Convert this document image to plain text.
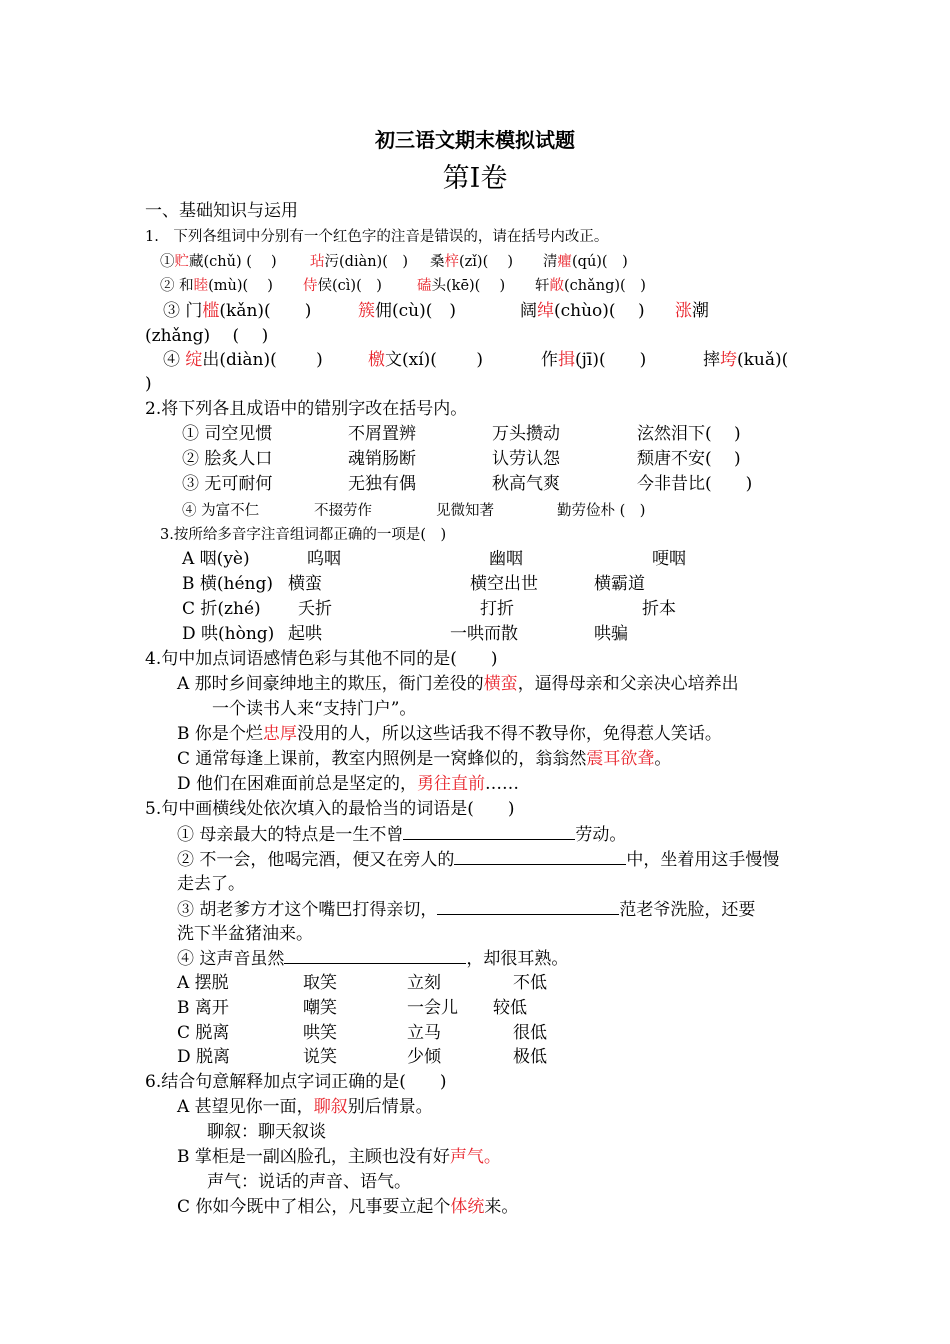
初三语文期末模拟试题
第Ⅰ卷
一、基础知识与运用
1.　下列各组词中分别有一个红色字的注音是错误的，请在括号内改正。
①贮藏(chǔ) (　 ) 玷污(diàn)(　) 桑梓(zǐ)(　 ) 清癯(qú)(　)
② 和睦(mù)(　 ) 侍侯(cì)(　) 磕头(kē)(　 ) 轩敞(chǎng)(　)
③ 门槛(kǎn)(　　)	簇佣(cù)(　)	阔绰(chùo)(　 ) 涨潮
(zhǎng)　 (　 )
④ 绽出(diàn)(　　 )	檄文(xí)(　　 )	作揖(jī)(　　)	摔垮(kuǎ)(
)
2.将下列各且成语中的错别字改在括号内。
① 司空见惯	不屑置辨	万头攒动	泫然泪下(　 )
② 脍炙人口	魂销肠断	认劳认怨	颓唐不安(　 )
③ 无可耐何	无独有偶	秋高气爽	今非昔比(　　)
④ 为富不仁	不掇劳作	见微知著	勤劳俭朴 (　)
3.按所给多音字注音组词都正确的一项是(　)
A 咽(yè)	呜咽	幽咽	哽咽
B 横(héng) 横蛮	横空出世	横霸道
C 折(zhé) 夭折	打折	折本
D 哄(hòng) 起哄	一哄而散	哄骗
4.句中加点词语感情色彩与其他不同的是(　　)
A 那时乡间豪绅地主的欺压，衙门差役的横蛮，逼得母亲和父亲决心培养出
一个读书人来“支持门户”。
B 你是个烂忠厚没用的人，所以这些话我不得不教导你，免得惹人笑话。
C 通常每逢上课前，教室内照例是一窝蜂似的，翁翁然震耳欲聋。
D 他们在困难面前总是坚定的，勇往直前……
5.句中画横线处依次填入的最恰当的词语是(　　)
① 母亲最大的特点是一生不曾	劳动。
② 不一会，他喝完酒，便又在旁人的	中，坐着用这手慢慢
走去了。
③ 胡老爹方才这个嘴巴打得亲切，	范老爷洗脸，还要
洗下半盆猪油来。
④ 这声音虽然	，却很耳熟。
A 摆脱	取笑	立刻	不低
B 离开	嘲笑	一会儿 较低
C 脱离	哄笑	立马	很低
D 脱离	说笑	少倾	极低
6.结合句意解释加点字词正确的是(　　)
A 甚望见你一面，聊叙别后情景。
聊叙：聊天叙谈
B 掌柜是一副凶脸孔，主顾也没有好声气。
声气：说话的声音、语气。
C 你如今既中了相公，凡事要立起个体统来。
